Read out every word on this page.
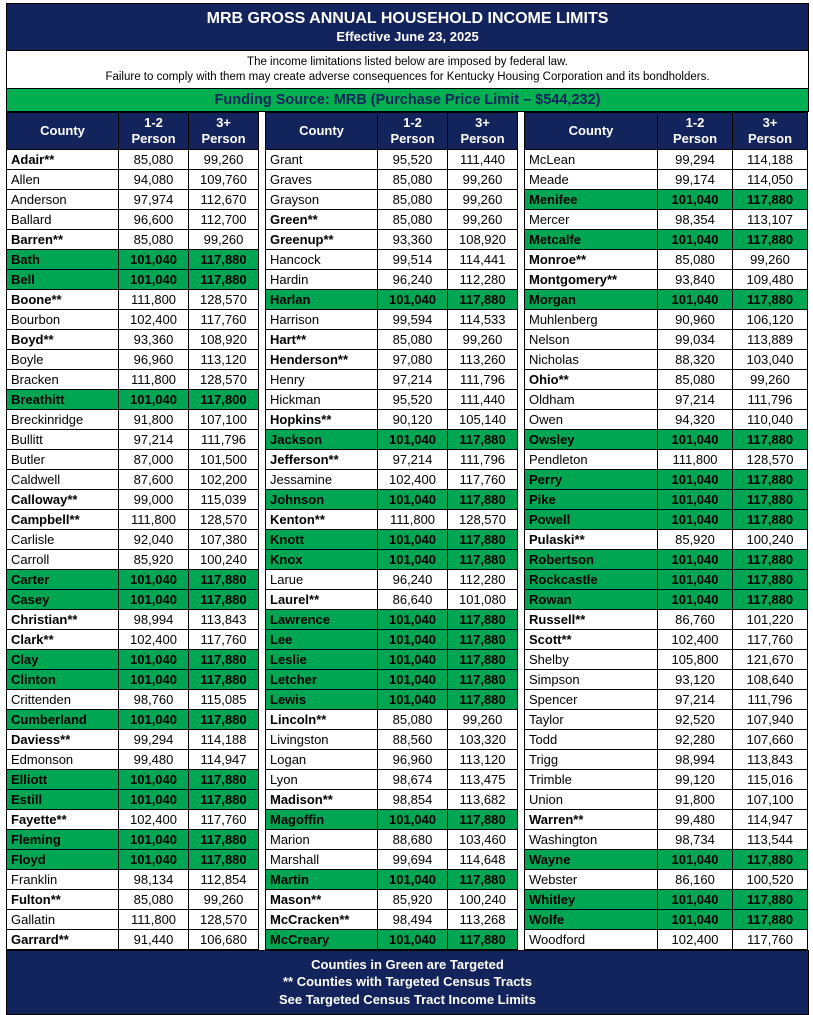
MRB GROSS ANNUAL HOUSEHOLD INCOME LIMITS
Effective June 23, 2025
The income limitations listed below are imposed by federal law.
Failure to comply with them may create adverse consequences for Kentucky Housing Corporation and its bondholders.
Funding Source: MRB (Purchase Price Limit – $544,232)
County	
1-2
Person

3+
Person

Adair**	85,080	99,260
Allen	94,080	109,760
Anderson	97,974	112,670
Ballard	96,600	112,700
Barren**	85,080	99,260
Bath	101,040	117,880
Bell	101,040	117,880
Boone**	111,800	128,570
Bourbon	102,400	117,760
Boyd**	93,360	108,920
Boyle	96,960	113,120
Bracken	111,800	128,570
Breathitt	101,040	117,800
Breckinridge	91,800	107,100
Bullitt	97,214	111,796
Butler	87,000	101,500
Caldwell	87,600	102,200
Calloway**	99,000	115,039
Campbell**	111,800	128,570
Carlisle	92,040	107,380
Carroll	85,920	100,240
Carter	101,040	117,880
Casey	101,040	117,880
Christian**	98,994	113,843
Clark**	102,400	117,760
Clay	101,040	117,880
Clinton	101,040	117,880
Crittenden	98,760	115,085
Cumberland	101,040	117,880
Daviess**	99,294	114,188
Edmonson	99,480	114,947
Elliott	101,040	117,880
Estill	101,040	117,880
Fayette**	102,400	117,760
Fleming	101,040	117,880
Floyd	101,040	117,880
Franklin	98,134	112,854
Fulton**	85,080	99,260
Gallatin	111,800	128,570
Garrard**	91,440	106,680
County	
1-2
Person

3+
Person

Grant	95,520	111,440
Graves	85,080	99,260
Grayson	85,080	99,260
Green**	85,080	99,260
Greenup**	93,360	108,920
Hancock	99,514	114,441
Hardin	96,240	112,280
Harlan	101,040	117,880
Harrison	99,594	114,533
Hart**	85,080	99,260
Henderson**	97,080	113,260
Henry	97,214	111,796
Hickman	95,520	111,440
Hopkins**	90,120	105,140
Jackson	101,040	117,880
Jefferson**	97,214	111,796
Jessamine	102,400	117,760
Johnson	101,040	117,880
Kenton**	111,800	128,570
Knott	101,040	117,880
Knox	101,040	117,880
Larue	96,240	112,280
Laurel**	86,640	101,080
Lawrence	101,040	117,880
Lee	101,040	117,880
Leslie	101,040	117,880
Letcher	101,040	117,880
Lewis	101,040	117,880
Lincoln**	85,080	99,260
Livingston	88,560	103,320
Logan	96,960	113,120
Lyon	98,674	113,475
Madison**	98,854	113,682
Magoffin	101,040	117,880
Marion	88,680	103,460
Marshall	99,694	114,648
Martin	101,040	117,880
Mason**	85,920	100,240
McCracken**	98,494	113,268
McCreary	101,040	117,880
County	
1-2
Person

3+
Person

McLean	99,294	114,188
Meade	99,174	114,050
Menifee	101,040	117,880
Mercer	98,354	113,107
Metcalfe	101,040	117,880
Monroe**	85,080	99,260
Montgomery**	93,840	109,480
Morgan	101,040	117,880
Muhlenberg	90,960	106,120
Nelson	99,034	113,889
Nicholas	88,320	103,040
Ohio**	85,080	99,260
Oldham	97,214	111,796
Owen	94,320	110,040
Owsley	101,040	117,880
Pendleton	111,800	128,570
Perry	101,040	117,880
Pike	101,040	117,880
Powell	101,040	117,880
Pulaski**	85,920	100,240
Robertson	101,040	117,880
Rockcastle	101,040	117,880
Rowan	101,040	117,880
Russell**	86,760	101,220
Scott**	102,400	117,760
Shelby	105,800	121,670
Simpson	93,120	108,640
Spencer	97,214	111,796
Taylor	92,520	107,940
Todd	92,280	107,660
Trigg	98,994	113,843
Trimble	99,120	115,016
Union	91,800	107,100
Warren**	99,480	114,947
Washington	98,734	113,544
Wayne	101,040	117,880
Webster	86,160	100,520
Whitley	101,040	117,880
Wolfe	101,040	117,880
Woodford	102,400	117,760
Counties in Green are Targeted
** Counties with Targeted Census Tracts
See Targeted Census Tract Income Limits
